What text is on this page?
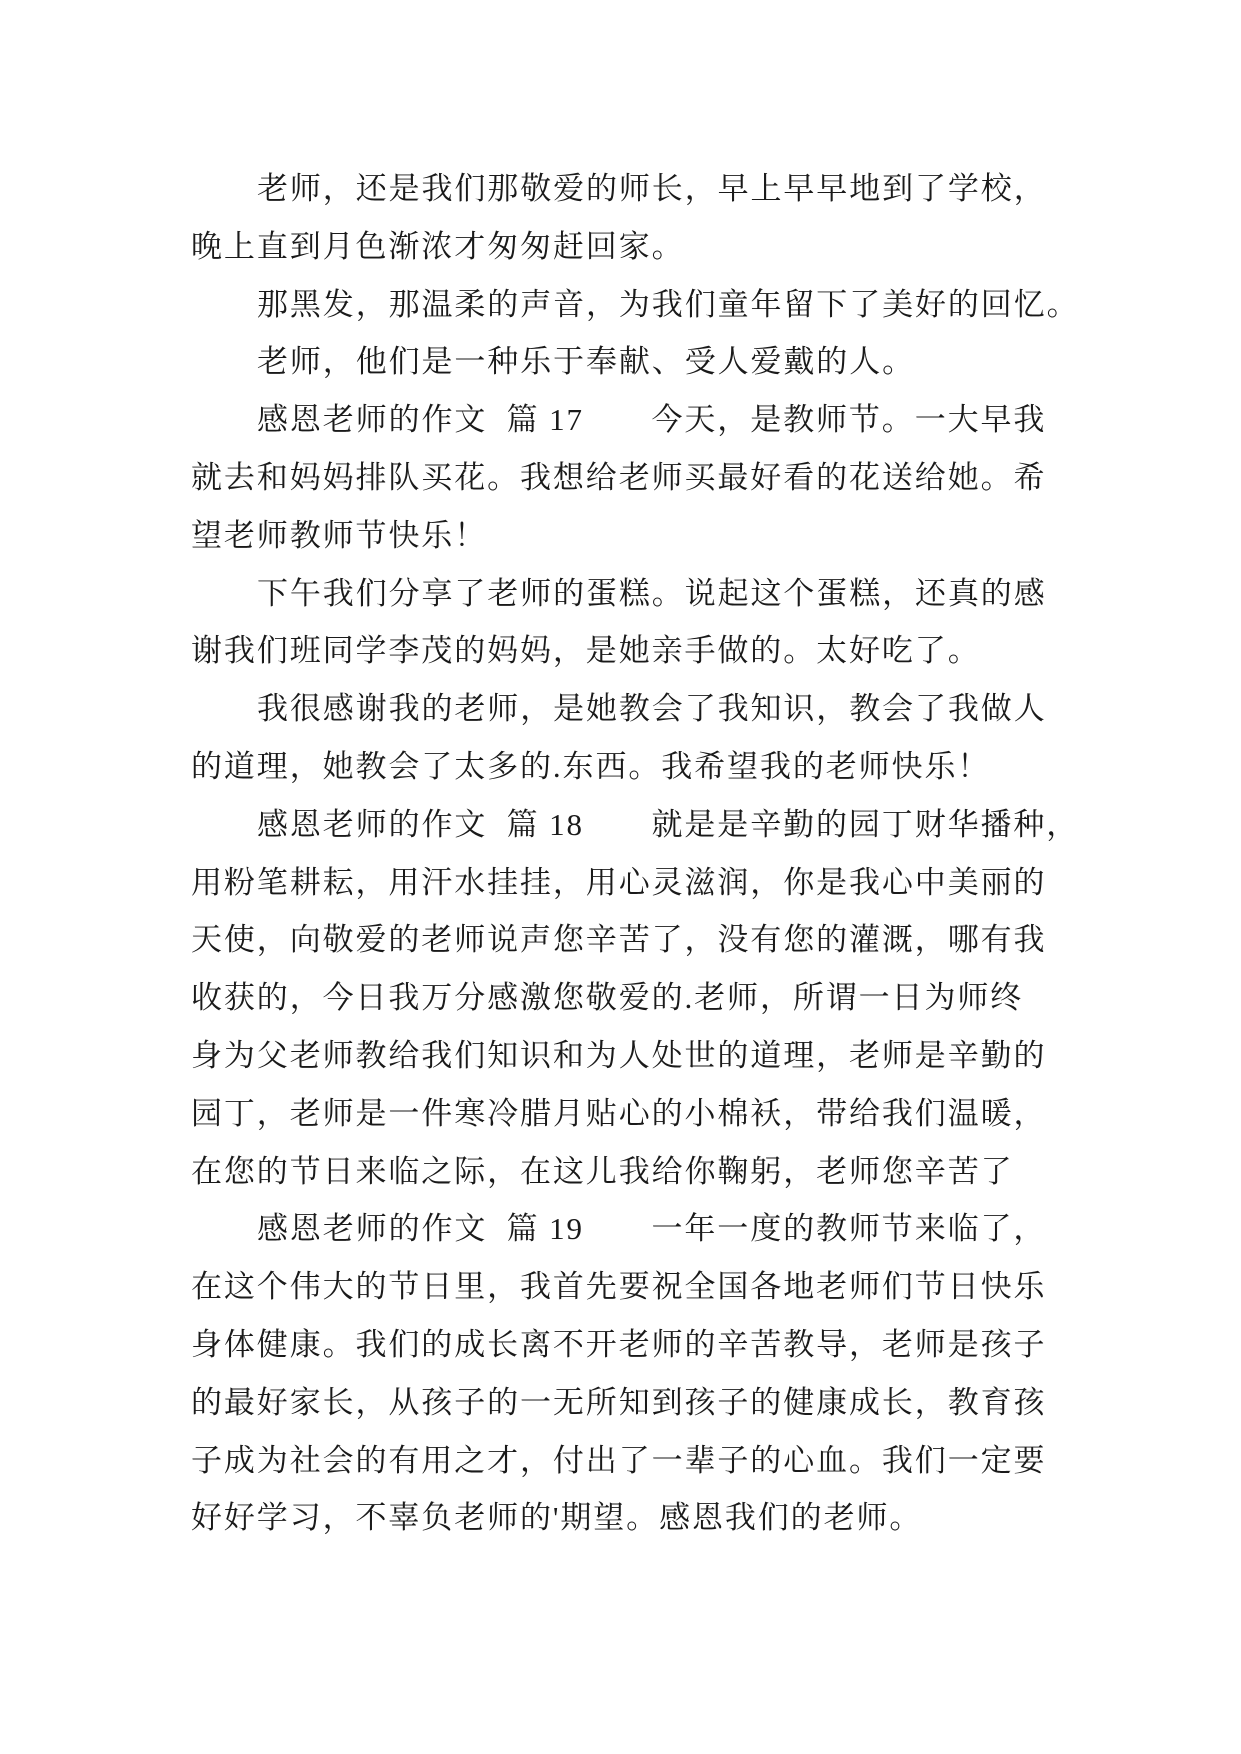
老师，还是我们那敬爱的师长，早上早早地到了学校，
晚上直到月色渐浓才匆匆赶回家。
那黑发，那温柔的声音，为我们童年留下了美好的回忆。
老师，他们是一种乐于奉献、受人爱戴的人。
感恩老师的作文  篇 17       今天，是教师节。一大早我
就去和妈妈排队买花。我想给老师买最好看的花送给她。希
望老师教师节快乐！
下午我们分享了老师的蛋糕。说起这个蛋糕，还真的感
谢我们班同学李茂的妈妈，是她亲手做的。太好吃了。
我很感谢我的老师，是她教会了我知识，教会了我做人
的道理，她教会了太多的.东西。我希望我的老师快乐！
感恩老师的作文  篇 18       就是是辛勤的园丁财华播种，
用粉笔耕耘，用汗水挂挂，用心灵滋润，你是我心中美丽的
天使，向敬爱的老师说声您辛苦了，没有您的灌溉，哪有我
收获的，今日我万分感激您敬爱的.老师，所谓一日为师终
身为父老师教给我们知识和为人处世的道理，老师是辛勤的
园丁，老师是一件寒冷腊月贴心的小棉袄，带给我们温暖，
在您的节日来临之际，在这儿我给你鞠躬，老师您辛苦了
感恩老师的作文  篇 19       一年一度的教师节来临了，
在这个伟大的节日里，我首先要祝全国各地老师们节日快乐
身体健康。我们的成长离不开老师的辛苦教导，老师是孩子
的最好家长，从孩子的一无所知到孩子的健康成长，教育孩
子成为社会的有用之才，付出了一辈子的心血。我们一定要
好好学习，不辜负老师的'期望。感恩我们的老师。
